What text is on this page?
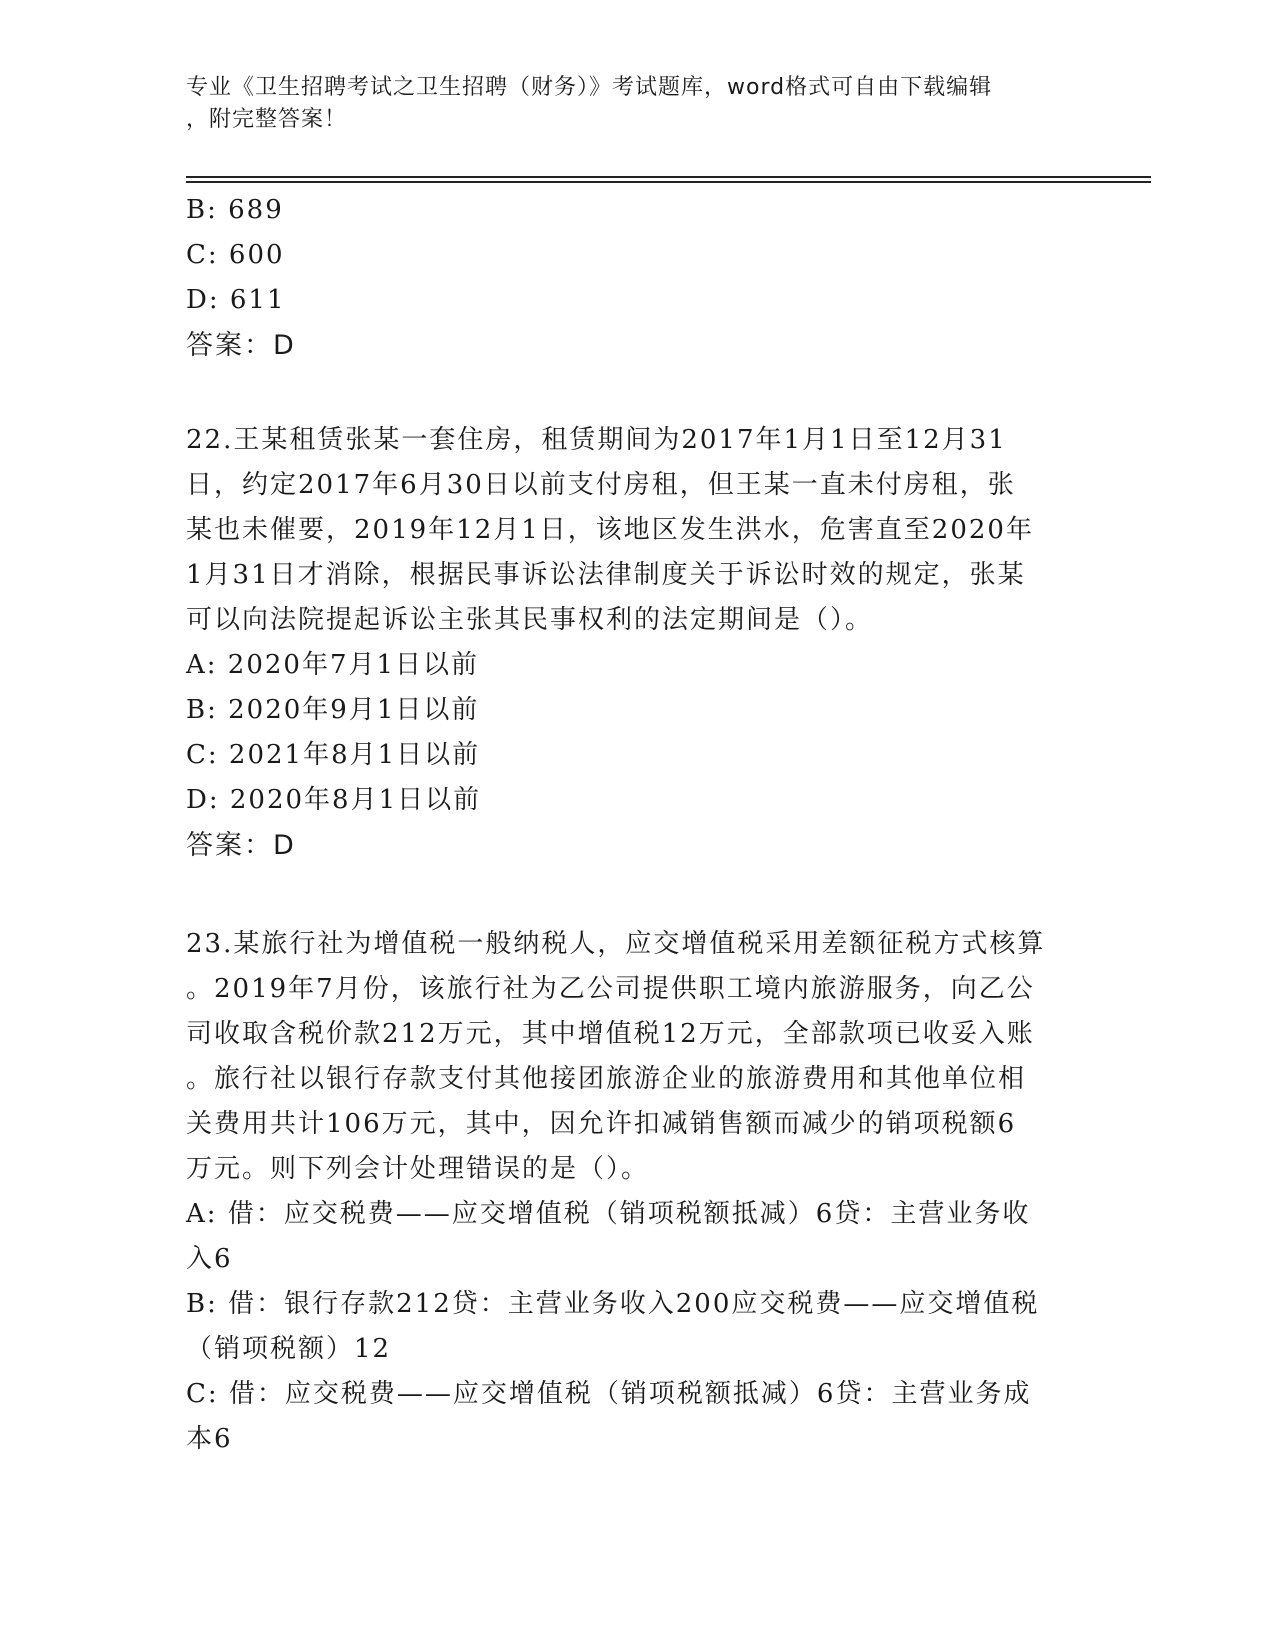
专业《卫生招聘考试之卫生招聘（财务）》考试题库，word格式可自由下载编辑

，附完整答案！

B: 689

C: 600

D: 611

答案：D

22.王某租赁张某一套住房，租赁期间为2017年1月1日至12月31

日，约定2017年6月30日以前支付房租，但王某一直未付房租，张

某也未催要，2019年12月1日，该地区发生洪水，危害直至2020年

1月31日才消除，根据民事诉讼法律制度关于诉讼时效的规定，张某

可以向法院提起诉讼主张其民事权利的法定期间是（）。

A: 2020年7月1日以前

B: 2020年9月1日以前

C: 2021年8月1日以前

D: 2020年8月1日以前

答案：D

23.某旅行社为增值税一般纳税人，应交增值税采用差额征税方式核算

。2019年7月份，该旅行社为乙公司提供职工境内旅游服务，向乙公

司收取含税价款212万元，其中增值税12万元，全部款项已收妥入账

。旅行社以银行存款支付其他接团旅游企业的旅游费用和其他单位相

关费用共计106万元，其中，因允许扣减销售额而减少的销项税额6

万元。则下列会计处理错误的是（）。

A: 借：应交税费——应交增值税（销项税额抵减）6贷：主营业务收

入6

B: 借：银行存款212贷：主营业务收入200应交税费——应交增值税

（销项税额）12

C: 借：应交税费——应交增值税（销项税额抵减）6贷：主营业务成

本6
